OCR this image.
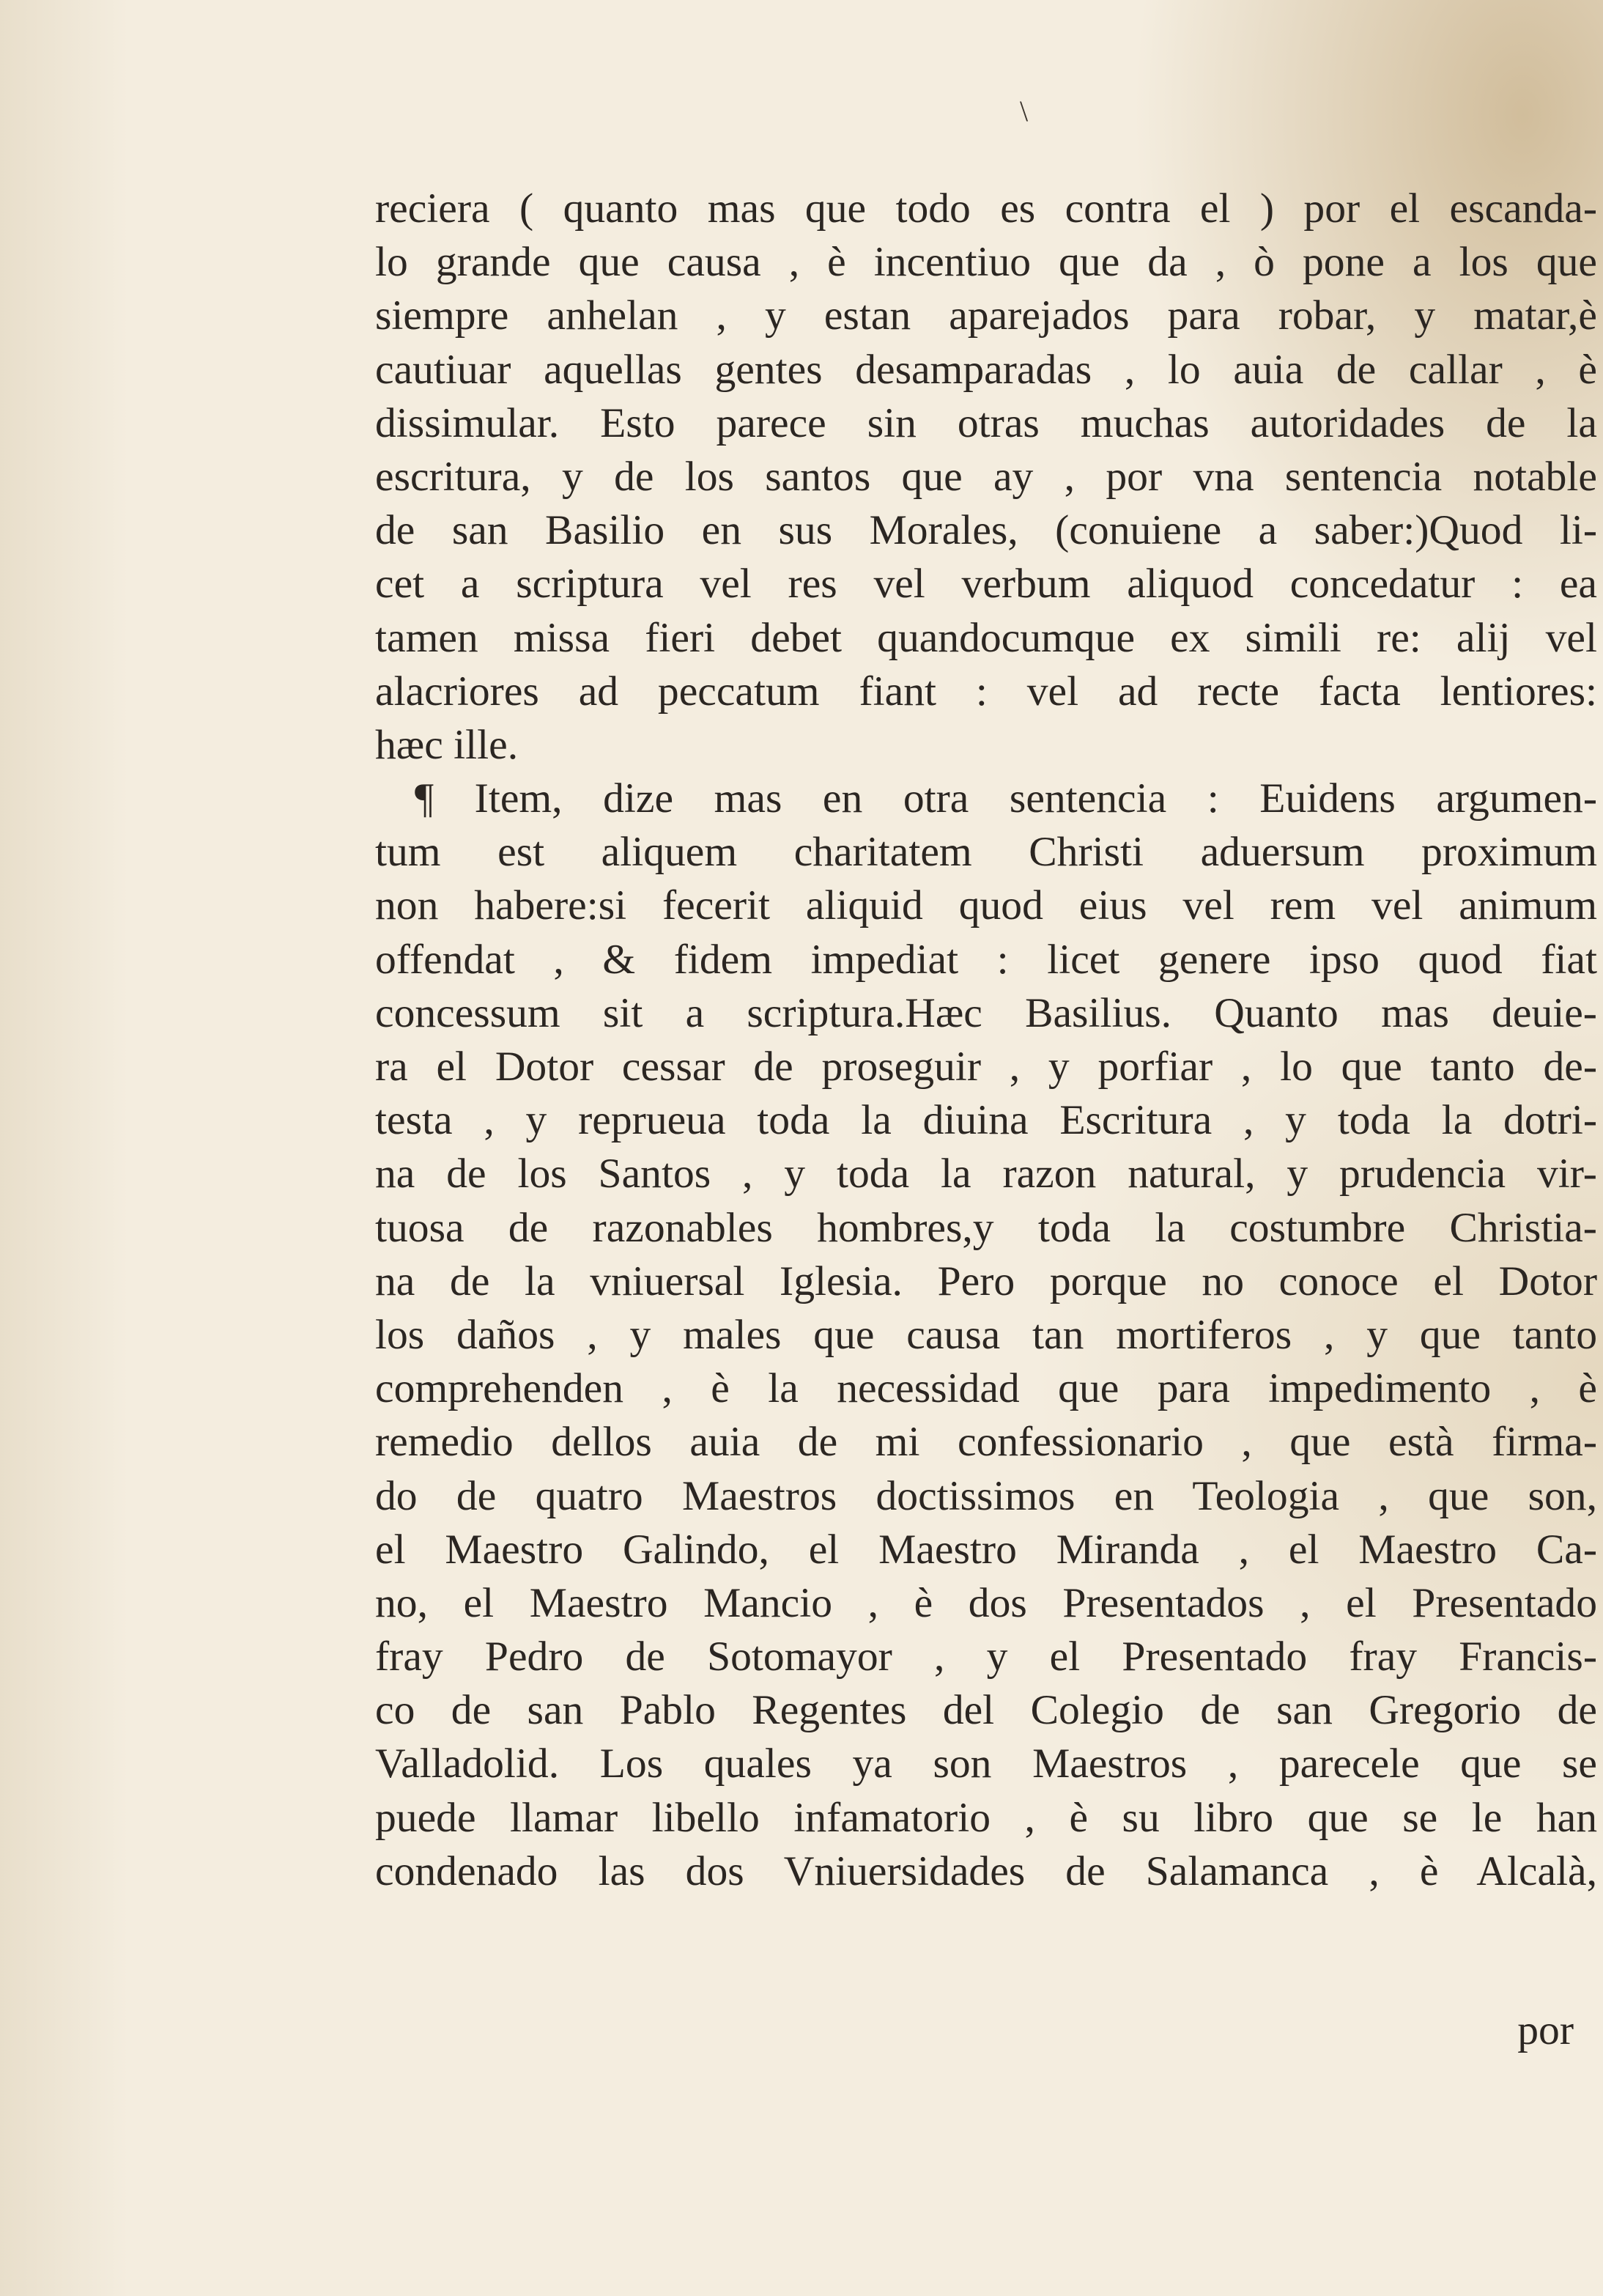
\
reciera ( quanto mas que todo es contra el ) por el escanda-
lo grande que causa , è incentiuo que da , ò pone a los que
siempre anhelan , y estan aparejados para robar, y matar,è
cautiuar aquellas gentes desamparadas , lo auia de callar , è
dissimular. Esto parece sin otras muchas autoridades de la
escritura, y de los santos que ay , por vna sentencia notable
de san Basilio en sus Morales, (conuiene a saber:)Quod li-
cet a scriptura vel res vel verbum aliquod concedatur : ea
tamen missa fieri debet quandocumque ex simili re: alij vel
alacriores ad peccatum fiant : vel ad recte facta lentiores:
hæc ille.
¶ Item, dize mas en otra sentencia : Euidens argumen-
tum est aliquem charitatem Christi aduersum proximum
non habere:si fecerit aliquid quod eius vel rem vel animum
offendat , & fidem impediat : licet genere ipso quod fiat
concessum sit a scriptura.Hæc Basilius. Quanto mas deuie-
ra el Dotor cessar de proseguir , y porfiar , lo que tanto de-
testa , y reprueua toda la diuina Escritura , y toda la dotri-
na de los Santos , y toda la razon natural, y prudencia vir-
tuosa de razonables hombres,y toda la costumbre Christia-
na de la vniuersal Iglesia. Pero porque no conoce el Dotor
los daños , y males que causa tan mortiferos , y que tanto
comprehenden , è la necessidad que para impedimento , è
remedio dellos auia de mi confessionario , que està firma-
do de quatro Maestros doctissimos en Teologia , que son,
el Maestro Galindo, el Maestro Miranda , el Maestro Ca-
no, el Maestro Mancio , è dos Presentados , el Presentado
fray Pedro de Sotomayor , y el Presentado fray Francis-
co de san Pablo Regentes del Colegio de san Gregorio de
Valladolid. Los quales ya son Maestros , parecele que se
puede llamar libello infamatorio , è su libro que se le han
condenado las dos Vniuersidades de Salamanca , è Alcalà,
por
